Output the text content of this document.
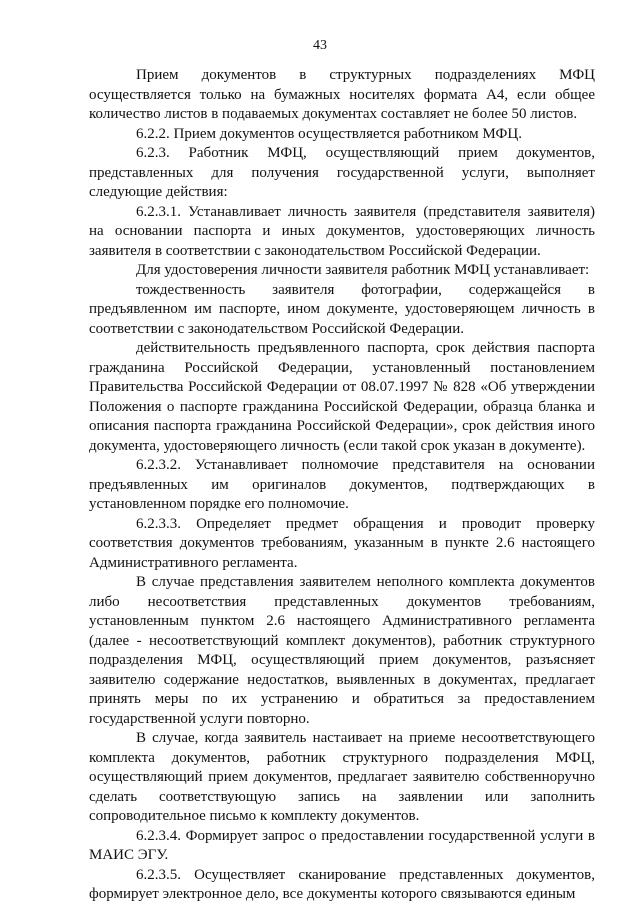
43

Прием документов в структурных подразделениях МФЦ осуществляется только на бумажных носителях формата А4, если общее количество листов в подаваемых документах составляет не более 50 листов.

6.2.2. Прием документов осуществляется работником МФЦ.

6.2.3. Работник МФЦ, осуществляющий прием документов, представленных для получения государственной услуги, выполняет следующие действия:

6.2.3.1. Устанавливает личность заявителя (представителя заявителя) на основании паспорта и иных документов, удостоверяющих личность заявителя в соответствии с законодательством Российской Федерации.

Для удостоверения личности заявителя работник МФЦ устанавливает:

тождественность заявителя фотографии, содержащейся в предъявленном им паспорте, ином документе, удостоверяющем личность в соответствии с законодательством Российской Федерации.

действительность предъявленного паспорта, срок действия паспорта гражданина Российской Федерации, установленный постановлением Правительства Российской Федерации от 08.07.1997 № 828 «Об утверждении Положения о паспорте гражданина Российской Федерации, образца бланка и описания паспорта гражданина Российской Федерации», срок действия иного документа, удостоверяющего личность (если такой срок указан в документе).

6.2.3.2. Устанавливает полномочие представителя на основании предъявленных им оригиналов документов, подтверждающих в установленном порядке его полномочие.

6.2.3.3. Определяет предмет обращения и проводит проверку соответствия документов требованиям, указанным в пункте 2.6 настоящего Административного регламента.

В случае представления заявителем неполного комплекта документов либо несоответствия представленных документов требованиям, установленным пунктом 2.6 настоящего Административного регламента (далее - несоответствующий комплект документов), работник структурного подразделения МФЦ, осуществляющий прием документов, разъясняет заявителю содержание недостатков, выявленных в документах, предлагает принять меры по их устранению и обратиться за предоставлением государственной услуги повторно.

В случае, когда заявитель настаивает на приеме несоответствующего комплекта документов, работник структурного подразделения МФЦ, осуществляющий прием документов, предлагает заявителю собственноручно сделать соответствующую запись на заявлении или заполнить сопроводительное письмо к комплекту документов.

6.2.3.4. Формирует запрос о предоставлении государственной услуги в МАИС ЭГУ.

6.2.3.5. Осуществляет сканирование представленных документов, формирует электронное дело, все документы которого связываются единым
